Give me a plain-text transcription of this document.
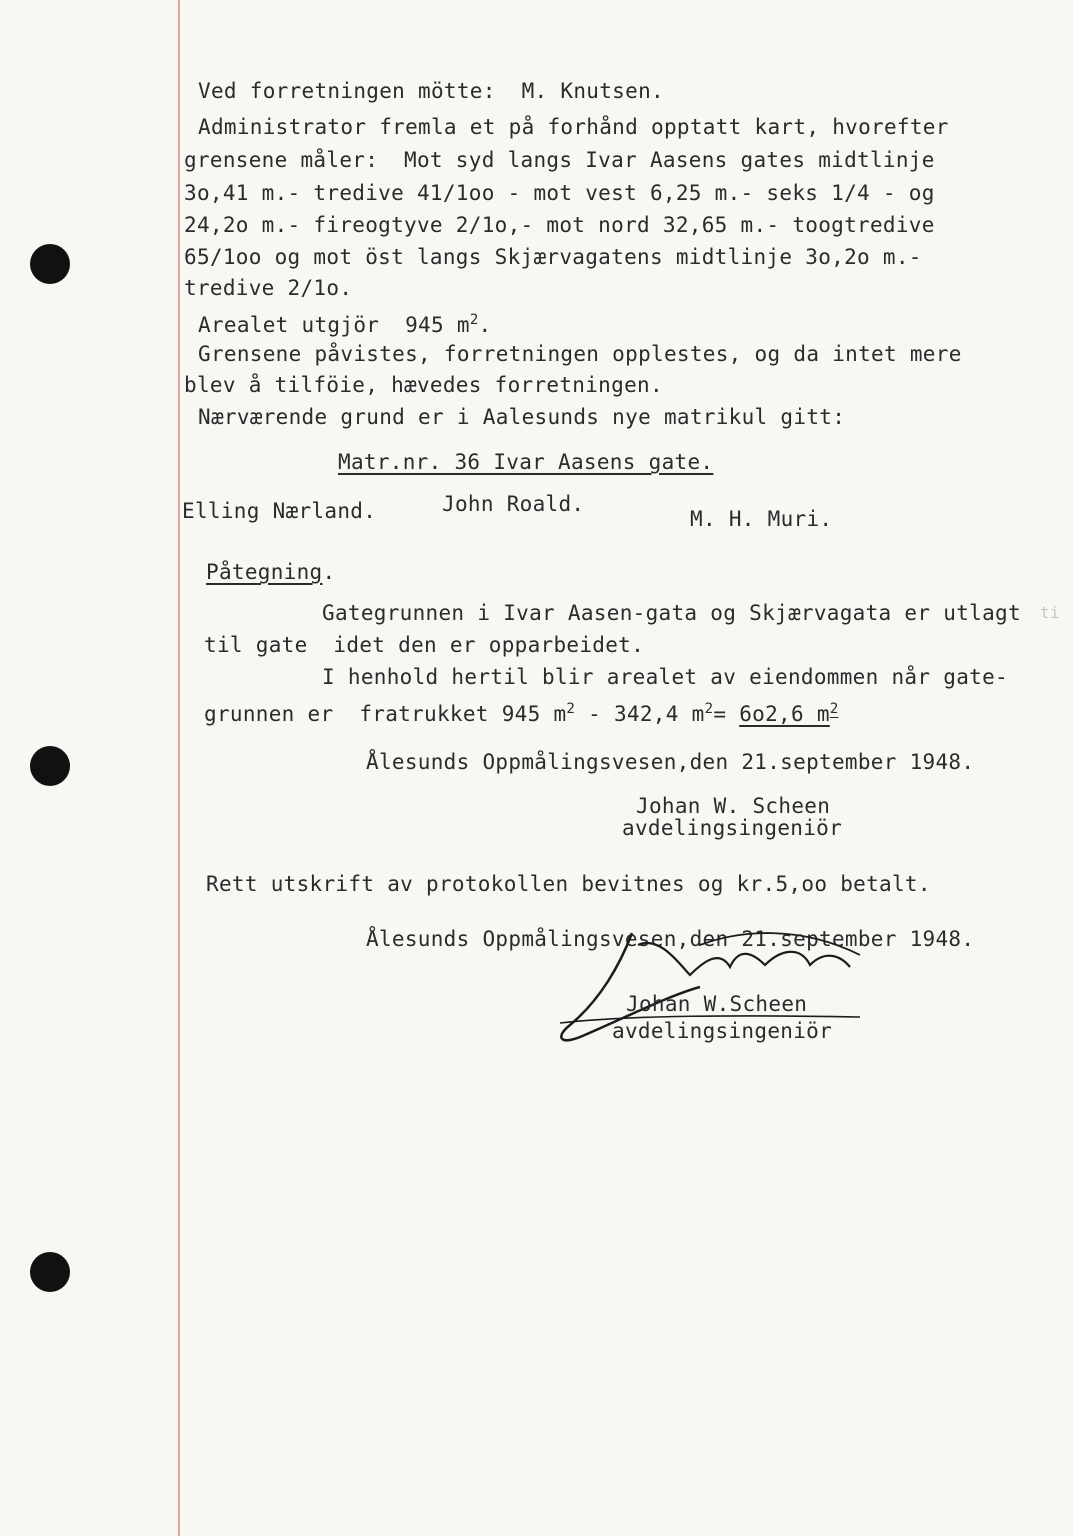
Ved forretningen mötte:  M. Knutsen.
Administrator fremla et på forhånd opptatt kart, hvorefter
grensene måler:  Mot syd langs Ivar Aasens gates midtlinje
3o,41 m.- tredive 41/1oo - mot vest 6,25 m.- seks 1/4 - og
24,2o m.- fireogtyve 2/1o,- mot nord 32,65 m.- toogtredive
65/1oo og mot öst langs Skjærvagatens midtlinje 3o,2o m.-
tredive 2/1o.
Arealet utgjör  945 $m^2$.
Grensene påvistes, forretningen opplestes, og da intet mere
blev å tilföie, hævedes forretningen.
Nærværende grund er i Aalesunds nye matrikul gitt:
Matr.nr. 36 Ivar Aasens gate.
Elling Nærland.	John Roald.
M. H. Muri.
Påtegning.
Gategrunnen i Ivar Aasen-gata og Skjærvagata er utlagt ti
til gate  idet den er opparbeidet.
I henhold hertil blir arealet av eiendommen når gate-
grunnen er  fratrukket 945 $m^2 - 342,4$ $m^2= 6o2,6$ $m^2$
Ålesunds Oppmålingsvesen,den 21.september 1948.
Johan W. Scheen
avdelingsingeniör
Rett utskrift av protokollen bevitnes og kr.5,oo betalt.
Ålesunds Oppmålingsvesen,den 21.september 1948.
Johan W.Scheen
avdelingsingeniör
